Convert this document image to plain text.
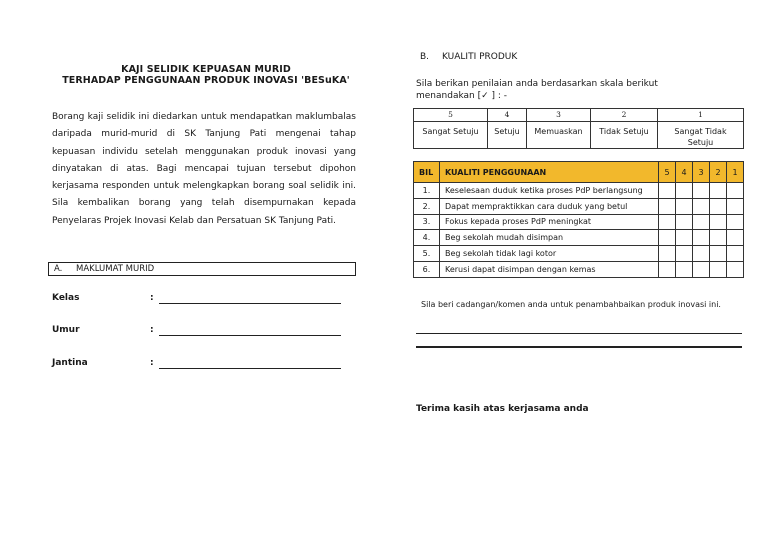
KAJI SELIDIK KEPUASAN MURID
TERHADAP PENGGUNAAN PRODUK INOVASI 'BESuKA'

Borang kaji selidik ini diedarkan untuk mendapatkan maklumbalas daripada murid-murid di SK Tanjung Pati mengenai tahap kepuasan individu setelah menggunakan produk inovasi yang dinyatakan di atas. Bagi mencapai tujuan tersebut dipohon kerjasama responden untuk melengkapkan borang soal selidik ini. Sila kembalikan borang yang telah disempurnakan kepada Penyelaras Projek Inovasi Kelab dan Persatuan SK Tanjung Pati.

A. MAKLUMAT MURID
Kelas	:
Umur	:
Jantina	:
B. KUALITI PRODUK
Sila berikan penilaian anda berdasarkan skala berikut menandakan [✓ ] : -
5	4	3	2	1
Sangat Setuju	Setuju	Memuaskan	Tidak Setuju	Sangat Tidak Setuju
BIL	KUALITI PENGGUNAAN	5	4	3	2	1
1.	Keselesaan duduk ketika proses PdP berlangsung					
2.	Dapat mempraktikkan cara duduk yang betul					
3.	Fokus kepada proses PdP meningkat					
4.	Beg sekolah mudah disimpan					
5.	Beg sekolah tidak lagi kotor					
6.	Kerusi dapat disimpan dengan kemas					
Sila beri cadangan/komen anda untuk penambahbaikan produk inovasi ini.
Terima kasih atas kerjasama anda
